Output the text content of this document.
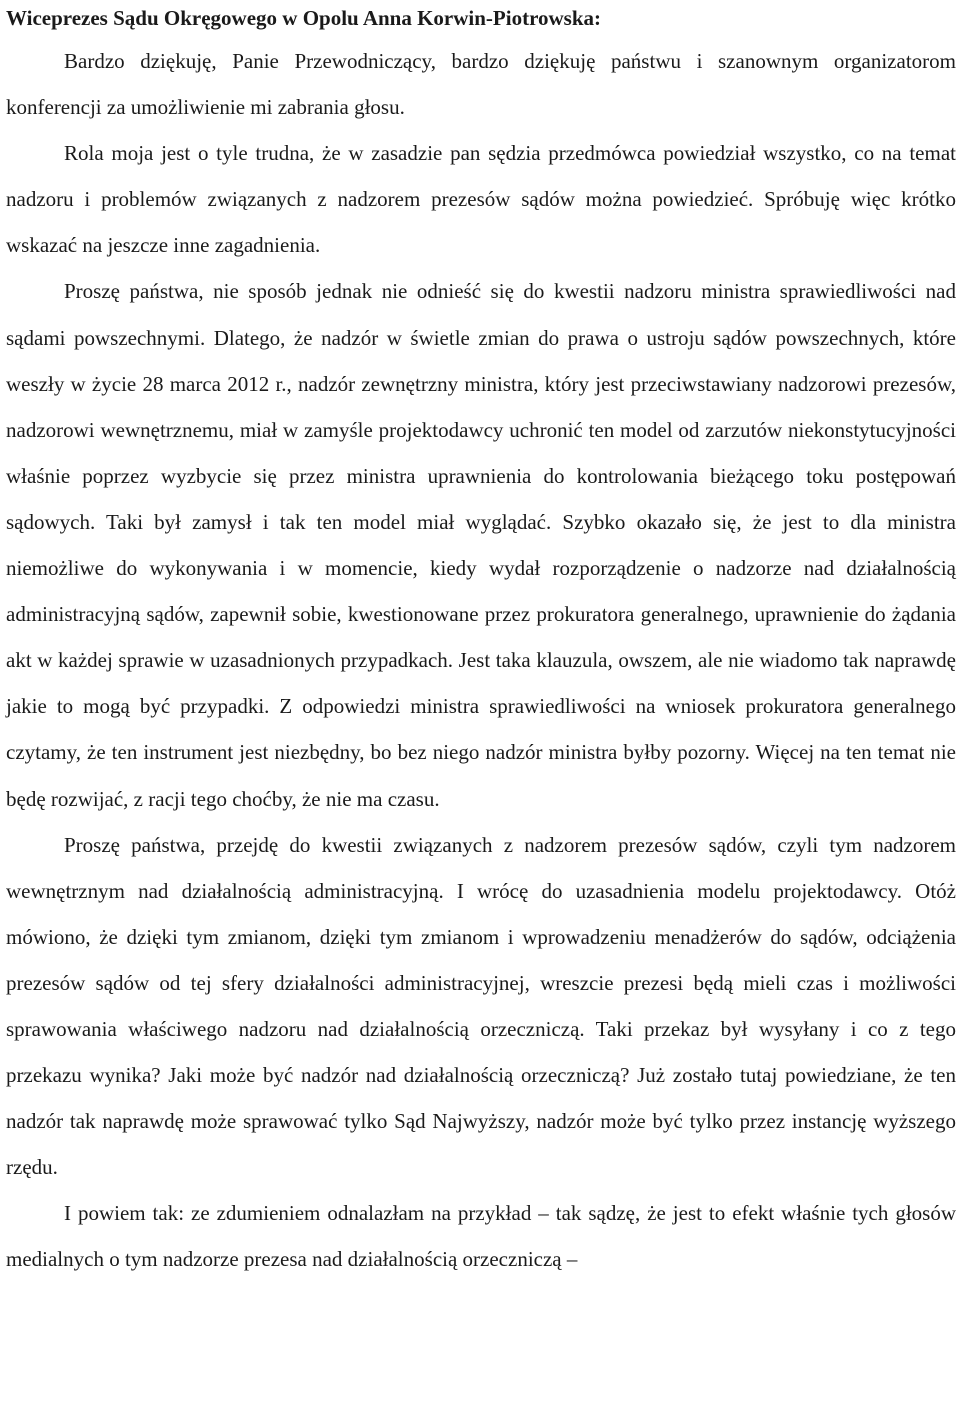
Wiceprezes Sądu Okręgowego w Opolu Anna Korwin-Piotrowska:

Bardzo dziękuję, Panie Przewodniczący, bardzo dziękuję państwu i szanownym organizatorom konferencji za umożliwienie mi zabrania głosu.

Rola moja jest o tyle trudna, że w zasadzie pan sędzia przedmówca powiedział wszystko, co na temat nadzoru i problemów związanych z nadzorem prezesów sądów można powiedzieć. Spróbuję więc krótko wskazać na jeszcze inne zagadnienia.

Proszę państwa, nie sposób jednak nie odnieść się do kwestii nadzoru ministra sprawiedliwości nad sądami powszechnymi. Dlatego, że nadzór w świetle zmian do prawa o ustroju sądów powszechnych, które weszły w życie 28 marca 2012 r., nadzór zewnętrzny ministra, który jest przeciwstawiany nadzorowi prezesów, nadzorowi wewnętrznemu, miał w zamyśle projektodawcy uchronić ten model od zarzutów niekonstytucyjności właśnie poprzez wyzbycie się przez ministra uprawnienia do kontrolowania bieżącego toku postępowań sądowych. Taki był zamysł i tak ten model miał wyglądać. Szybko okazało się, że jest to dla ministra niemożliwe do wykonywania i w momencie, kiedy wydał rozporządzenie o nadzorze nad działalnością administracyjną sądów, zapewnił sobie, kwestionowane przez prokuratora generalnego, uprawnienie do żądania akt w każdej sprawie w uzasadnionych przypadkach. Jest taka klauzula, owszem, ale nie wiadomo tak naprawdę jakie to mogą być przypadki. Z odpowiedzi ministra sprawiedliwości na wniosek prokuratora generalnego czytamy, że ten instrument jest niezbędny, bo bez niego nadzór ministra byłby pozorny. Więcej na ten temat nie będę rozwijać, z racji tego choćby, że nie ma czasu.

Proszę państwa, przejdę do kwestii związanych z nadzorem prezesów sądów, czyli tym nadzorem wewnętrznym nad działalnością administracyjną. I wrócę do uzasadnienia modelu projektodawcy. Otóż mówiono, że dzięki tym zmianom, dzięki tym zmianom i wprowadzeniu menadżerów do sądów, odciążenia prezesów sądów od tej sfery działalności administracyjnej, wreszcie prezesi będą mieli czas i możliwości sprawowania właściwego nadzoru nad działalnością orzeczniczą. Taki przekaz był wysyłany i co z tego przekazu wynika? Jaki może być nadzór nad działalnością orzeczniczą? Już zostało tutaj powiedziane, że ten nadzór tak naprawdę może sprawować tylko Sąd Najwyższy, nadzór może być tylko przez instancję wyższego rzędu.

I powiem tak: ze zdumieniem odnalazłam na przykład – tak sądzę, że jest to efekt właśnie tych głosów medialnych o tym nadzorze prezesa nad działalnością orzeczniczą –
